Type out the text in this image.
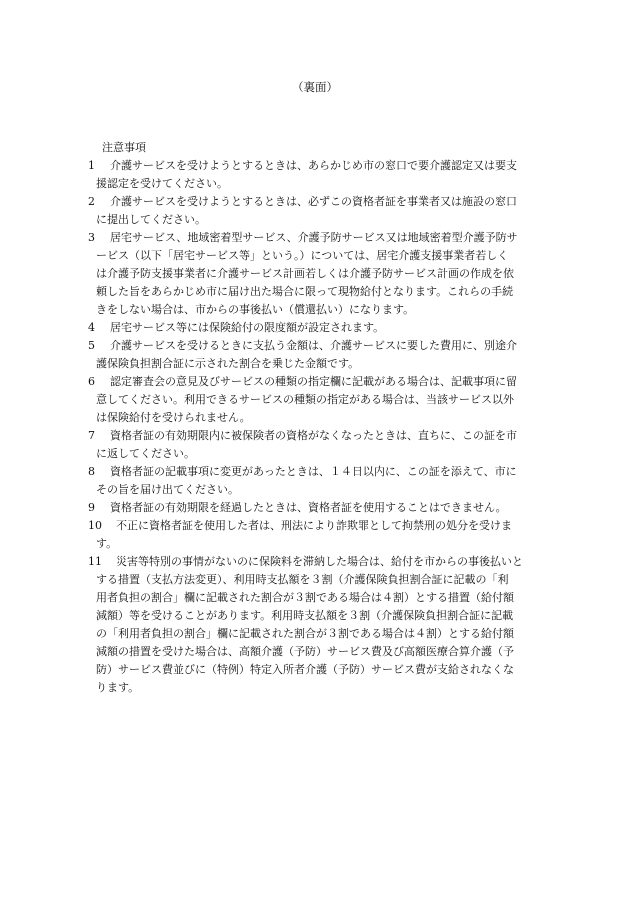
（裏面）
注意事項
1	介護サービスを受けようとするときは、あらかじめ市の窓口で要介護認定又は要支
援認定を受けてください。
2	介護サービスを受けようとするときは、必ずこの資格者証を事業者又は施設の窓口
に提出してください。
3	居宅サービス、地域密着型サービス、介護予防サービス又は地域密着型介護予防サ
ービス（以下「居宅サービス等」という。）については、居宅介護支援事業者若しく
は介護予防支援事業者に介護サービス計画若しくは介護予防サービス計画の作成を依
頼した旨をあらかじめ市に届け出た場合に限って現物給付となります。これらの手続
きをしない場合は、市からの事後払い（償還払い）になります。
4	居宅サービス等には保険給付の限度額が設定されます。
5	介護サービスを受けるときに支払う金額は、介護サービスに要した費用に、別途介
護保険負担割合証に示された割合を乗じた金額です。
6	認定審査会の意見及びサービスの種類の指定欄に記載がある場合は、記載事項に留
意してください。利用できるサービスの種類の指定がある場合は、当該サービス以外
は保険給付を受けられません。
7	資格者証の有効期限内に被保険者の資格がなくなったときは、直ちに、この証を市
に返してください。
8	資格者証の記載事項に変更があったときは、１４日以内に、この証を添えて、市に
その旨を届け出てください。
9	資格者証の有効期限を経過したときは、資格者証を使用することはできません。
10	不正に資格者証を使用した者は、刑法により詐欺罪として拘禁刑の処分を受けま
す。
11	災害等特別の事情がないのに保険料を滞納した場合は、給付を市からの事後払いと
する措置（支払方法変更）、利用時支払額を３割（介護保険負担割合証に記載の「利
用者負担の割合」欄に記載された割合が３割である場合は４割）とする措置（給付額
減額）等を受けることがあります。利用時支払額を３割（介護保険負担割合証に記載
の「利用者負担の割合」欄に記載された割合が３割である場合は４割）とする給付額
減額の措置を受けた場合は、高額介護（予防）サービス費及び高額医療合算介護（予
防）サービス費並びに（特例）特定入所者介護（予防）サービス費が支給されなくな
ります。
